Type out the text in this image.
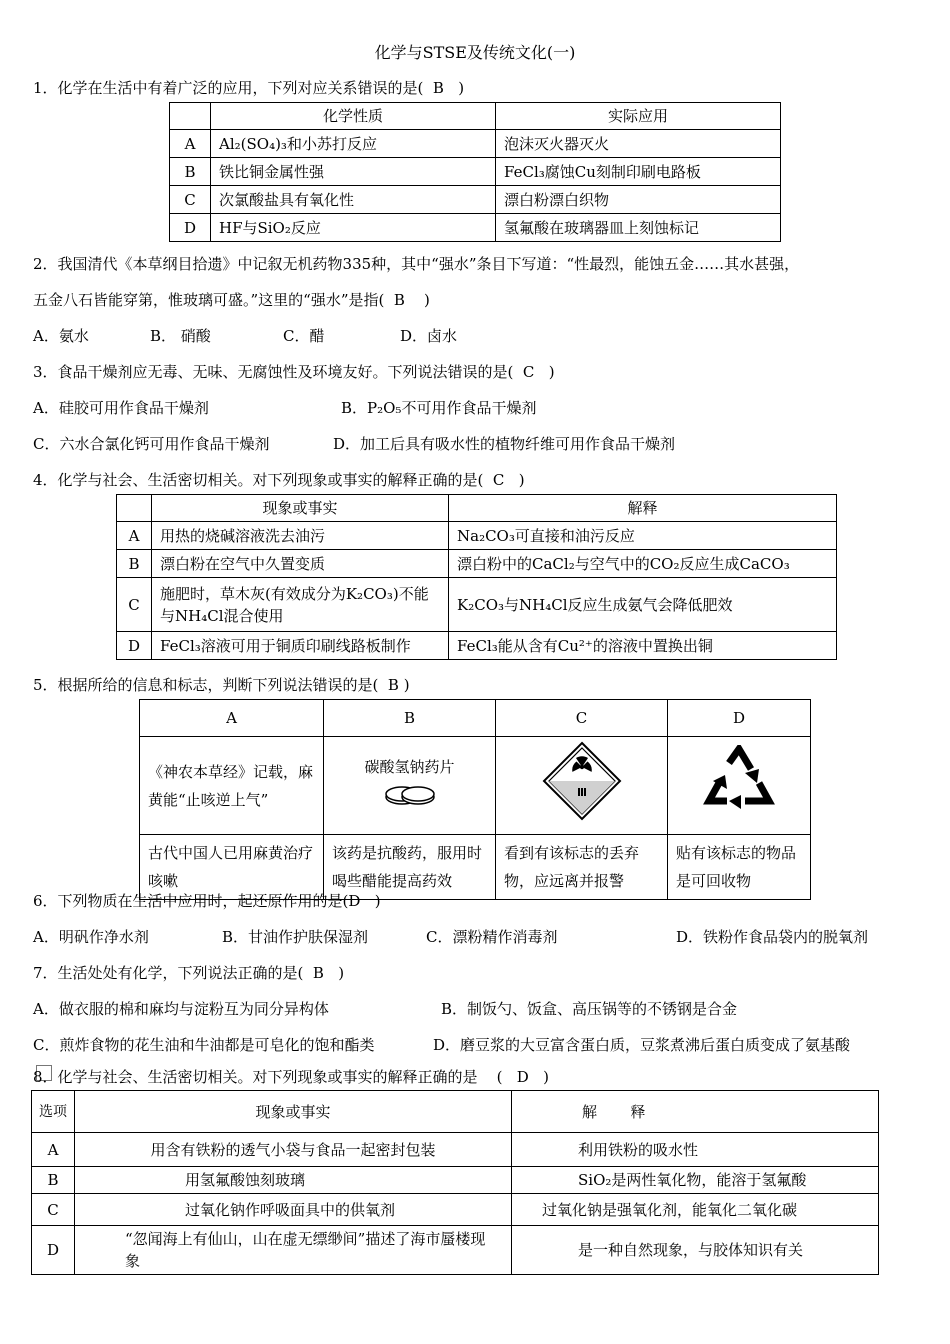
化学与STSE及传统文化(一)
1．化学在生活中有着广泛的应用，下列对应关系错误的是(  B   )
	化学性质	实际应用
A	Al₂(SO₄)₃和小苏打反应	泡沫灭火器灭火
B	铁比铜金属性强	FeCl₃腐蚀Cu刻制印刷电路板
C	次氯酸盐具有氧化性	漂白粉漂白织物
D	HF与SiO₂反应	氢氟酸在玻璃器皿上刻蚀标记
2．我国清代《本草纲目拾遗》中记叙无机药物335种，其中“强水”条目下写道：“性最烈，能蚀五金……其水甚强，
五金八石皆能穿第，惟玻璃可盛。”这里的“强水”是指(  B    )
A．氨水	B． 硝酸	C．醋	D．卤水
3．食品干燥剂应无毒、无味、无腐蚀性及环境友好。下列说法错误的是(  C   )
A．硅胶可用作食品干燥剂	B．P₂O₅不可用作食品干燥剂
C．六水合氯化钙可用作食品干燥剂	D．加工后具有吸水性的植物纤维可用作食品干燥剂
4．化学与社会、生活密切相关。对下列现象或事实的解释正确的是(  C   )
	现象或事实	解释
A	用热的烧碱溶液洗去油污	Na₂CO₃可直接和油污反应
B	漂白粉在空气中久置变质	漂白粉中的CaCl₂与空气中的CO₂反应生成CaCO₃
C	施肥时，草木灰(有效成分为K₂CO₃)不能与NH₄Cl混合使用	K₂CO₃与NH₄Cl反应生成氨气会降低肥效
D	FeCl₃溶液可用于铜质印刷线路板制作	FeCl₃能从含有Cu²⁺的溶液中置换出铜
5．根据所给的信息和标志，判断下列说法错误的是(  B )
A	B	C	D
《神农本草经》记载，麻黄能“止咳逆上气”	碳酸氢钠药片

古代中国人已用麻黄治疗咳嗽	该药是抗酸药，服用时喝些醋能提高药效	看到有该标志的丢弃物，应远离并报警	贴有该标志的物品是可回收物
6．下列物质在生活中应用时，起还原作用的是(D   )
A．明矾作净水剂	B．甘油作护肤保湿剂	C．漂粉精作消毒剂	D．铁粉作食品袋内的脱氧剂
7．生活处处有化学，下列说法正确的是(  B   )
A．做衣服的棉和麻均与淀粉互为同分异构体	B．制饭勺、饭盒、高压锅等的不锈钢是合金
C．煎炸食物的花生油和牛油都是可皂化的饱和酯类	D．磨豆浆的大豆富含蛋白质，豆浆煮沸后蛋白质变成了氨基酸
8．化学与社会、生活密切相关。对下列现象或事实的解释正确的是    (   D   )
选项	现象或事实	解       释
A	用含有铁粉的透气小袋与食品一起密封包装	利用铁粉的吸水性
B	用氢氟酸蚀刻玻璃	SiO₂是两性氧化物，能溶于氢氟酸
C	过氧化钠作呼吸面具中的供氧剂	过氧化钠是强氧化剂，能氧化二氧化碳
D	“忽闻海上有仙山，山在虚无缥缈间”描述了海市蜃楼现象	是一种自然现象，与胶体知识有关
